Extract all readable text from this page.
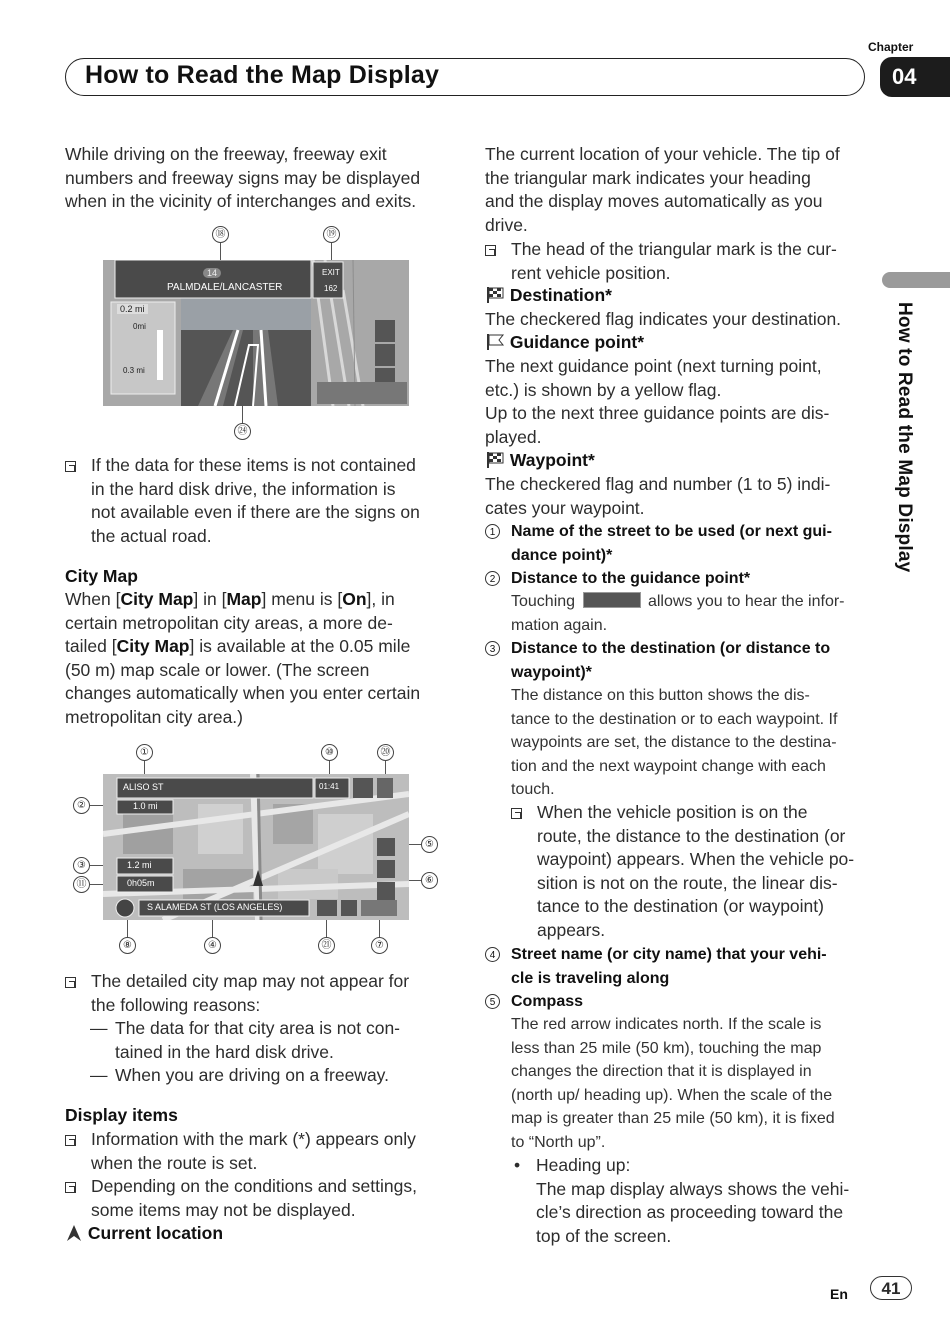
Chapter
How to Read the Map Display	04
How to Read the Map Display
While driving on the freeway, freeway exit
numbers and freeway signs may be displayed
when in the vicinity of interchanges and exits.
⑱	⑲
14
PALMDALE/LANCASTER
EXIT
162
0.2 mi
0mi
0.3 mi
㉔
If the data for these items is not contained
in the hard disk drive, the information is
not available even if there are the signs on
the actual road.
City Map
When [City Map] in [Map] menu is [On], in
certain metropolitan city areas, a more de-
tailed [City Map] is available at the 0.05 mile
(50 m) map scale or lower. (The screen
changes automatically when you enter certain
metropolitan city area.)
①	⑩	⑳
②
③
⑪
⑤
⑥
ALISO ST
1.0 mi
01:41
1.2 mi
0h05m
S ALAMEDA ST (LOS ANGELES)
⑧	④	㉑	⑦
The detailed city map may not appear for
the following reasons:
— The data for that city area is not con-
tained in the hard disk drive.
— When you are driving on a freeway.
Display items
Information with the mark (*) appears only
when the route is set.
Depending on the conditions and settings,
some items may not be displayed.
Current location
The current location of your vehicle. The tip of
the triangular mark indicates your heading
and the display moves automatically as you
drive.
The head of the triangular mark is the cur-
rent vehicle position.
Destination*
The checkered flag indicates your destination.
Guidance point*
The next guidance point (next turning point,
etc.) is shown by a yellow flag.
Up to the next three guidance points are dis-
played.
Waypoint*
The checkered flag and number (1 to 5) indi-
cates your waypoint.
1 Name of the street to be used (or next gui-
dance point)*
2 Distance to the guidance point*
Touching	allows you to hear the infor-
mation again.
3 Distance to the destination (or distance to
waypoint)*
The distance on this button shows the dis-
tance to the destination or to each waypoint. If
waypoints are set, the distance to the destina-
tion and the next waypoint change with each
touch.
When the vehicle position is on the
route, the distance to the destination (or
waypoint) appears. When the vehicle po-
sition is not on the route, the linear dis-
tance to the destination (or waypoint)
appears.
4 Street name (or city name) that your vehi-
cle is traveling along
5 Compass
The red arrow indicates north. If the scale is
less than 25 mile (50 km), touching the map
changes the direction that it is displayed in
(north up/ heading up). When the scale of the
map is greater than 25 mile (50 km), it is fixed
to “North up”.
• Heading up:
The map display always shows the vehi-
cle’s direction as proceeding toward the
top of the screen.
En	41
